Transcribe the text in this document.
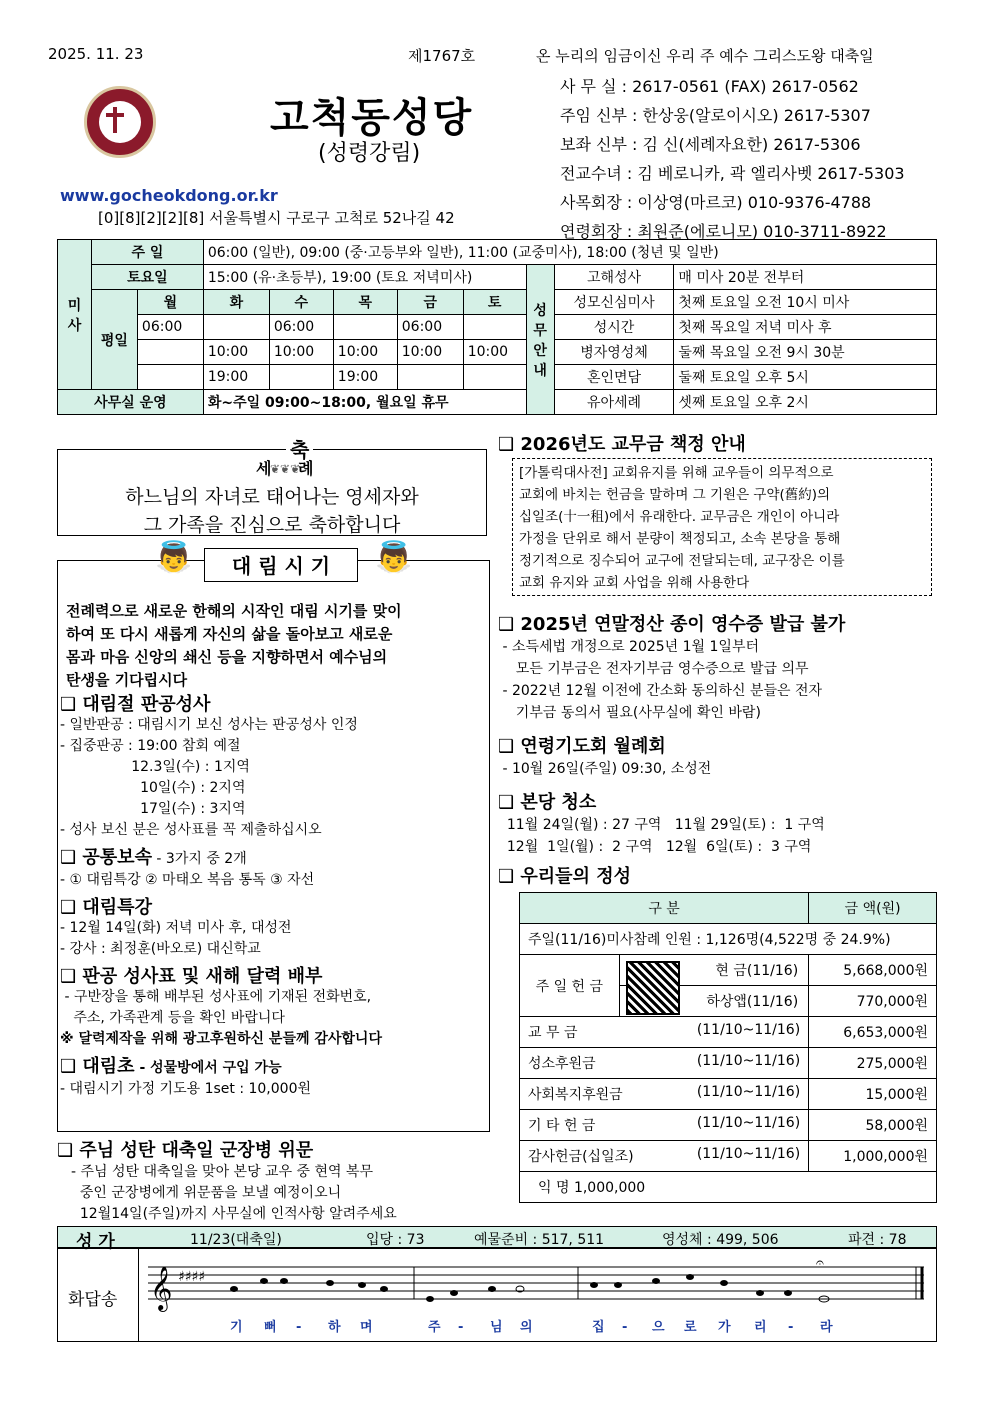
2025. 11. 23	제1767호	온 누리의 임금이신 우리 주 예수 그리스도왕 대축일
고척동성당
(성령강림)
www.gocheokdong.or.kr
[0][8][2][2][8] 서울특별시 구로구 고척로 52나길 42
사 무 실 : 2617-0561 (FAX) 2617-0562
주임 신부 : 한상웅(알로이시오) 2617-5307
보좌 신부 : 김 신(세례자요한) 2617-5306
전교수녀 : 김 베로니카, 곽 엘리사벳 2617-5303
사목회장 : 이상영(마르코) 010-9376-4788
연령회장 : 최원준(에로니모) 010-3711-8922
미사	주 일		06:00 (일반), 09:00 (중·고등부와 일반), 11:00 (교중미사), 18:00 (청년 및 일반)							
	토요일		15:00 (유·초등부), 19:00 (토요 저녁미사)					성무안내	고해성사	매 미사 20분 전부터
	평일	월	화	수	목	금	토		성모신심미사	첫째 토요일 오전 10시 미사
		06:00		06:00		06:00			성시간	첫째 목요일 저녁 미사 후
			10:00	10:00	10:00	10:00	10:00		병자영성체	둘째 목요일 오전 9시 30분
			19:00		19:00				혼인면담	둘째 토요일 오후 5시
사무실 운영			화~주일 09:00~18:00, 월요일 휴무						유아세례	셋째 토요일 오후 2시
축
세
❦❦❦
례
하느님의 자녀로 태어나는 영세자와
그 가족을 진심으로 축하합니다
👼	👼
대 림 시 기
전례력으로 새로운 한해의 시작인 대림 시기를 맞이
하여 또 다시 새롭게 자신의 삶을 돌아보고 새로운
몸과 마음 신앙의 쇄신 등을 지향하면서 예수님의
탄생을 기다립시다
❑ 대림절 판공성사
- 일반판공 : 대림시기 보신 성사는 판공성사 인정
- 집중판공 : 19:00 참회 예절
12.3일(수) : 1지역
10일(수) : 2지역
17일(수) : 3지역
- 성사 보신 분은 성사표를 꼭 제출하십시오
❑ 공통보속 - 3가지 중 2개
- ① 대림특강 ② 마태오 복음 통독 ③ 자선
❑ 대림특강
- 12월 14일(화) 저녁 미사 후, 대성전
- 강사 : 최정훈(바오로) 대신학교
❑ 판공 성사표 및 새해 달력 배부
- 구반장을 통해 배부된 성사표에 기재된 전화번호,
주소, 가족관계 등을 확인 바랍니다
※ 달력제작을 위해 광고후원하신 분들께 감사합니다
❑ 대림초 - 성물방에서 구입 가능
- 대림시기 가정 기도용 1set : 10,000원
❑ 주님 성탄 대축일 군장병 위문
- 주님 성탄 대축일을 맞아 본당 교우 중 현역 복무
중인 군장병에게 위문품을 보낼 예정이오니
12월14일(주일)까지 사무실에 인적사항 알려주세요
❑ 2026년도 교무금 책정 안내
[가톨릭대사전] 교회유지를 위해 교우들이 의무적으로
교회에 바치는 헌금을 말하며 그 기원은 구약(舊約)의
십일조(十一租)에서 유래한다. 교무금은 개인이 아니라
가정을 단위로 해서 분량이 책정되고, 소속 본당을 통해
정기적으로 징수되어 교구에 전달되는데, 교구장은 이를
교회 유지와 교회 사업을 위해 사용한다
❑ 2025년 연말정산 종이 영수증 발급 불가
- 소득세법 개정으로 2025년 1월 1일부터
모든 기부금은 전자기부금 영수증으로 발급 의무
- 2022년 12월 이전에 간소화 동의하신 분들은 전자
기부금 동의서 필요(사무실에 확인 바람)
❑ 연령기도회 월례회
- 10월 26일(주일) 09:30, 소성전
❑ 본당 청소
11월 24일(월) : 27 구역   11월 29일(토) :  1 구역
12월  1일(월) :  2 구역   12월  6일(토) :  3 구역
❑ 우리들의 정성
구 분		금 액(원)
주일(11/16)미사참례 인원 : 1,126명(4,522명 중 24.9%)		
주 일 헌 금	현 금(11/16)	5,668,000원
	하상앱(11/16)	770,000원
교 무 금 (11/10~11/16)		6,653,000원
성소후원금 (11/10~11/16)		275,000원
사회복지후원금 (11/10~11/16)		15,000원
기 타 헌 금 (11/10~11/16)		58,000원
감사헌금(십일조) (11/10~11/16)		1,000,000원
익 명 1,000,000		
성 가	11/23(대축일)	입당 : 73	예물준비 : 517, 511	영성체 : 499, 506	파견 : 78
화답송 𝄞 ♯♯♯♯
𝄐
기 뻐 - 하 며	주 - 님 의	집 - 으 로 가 리 - 라
